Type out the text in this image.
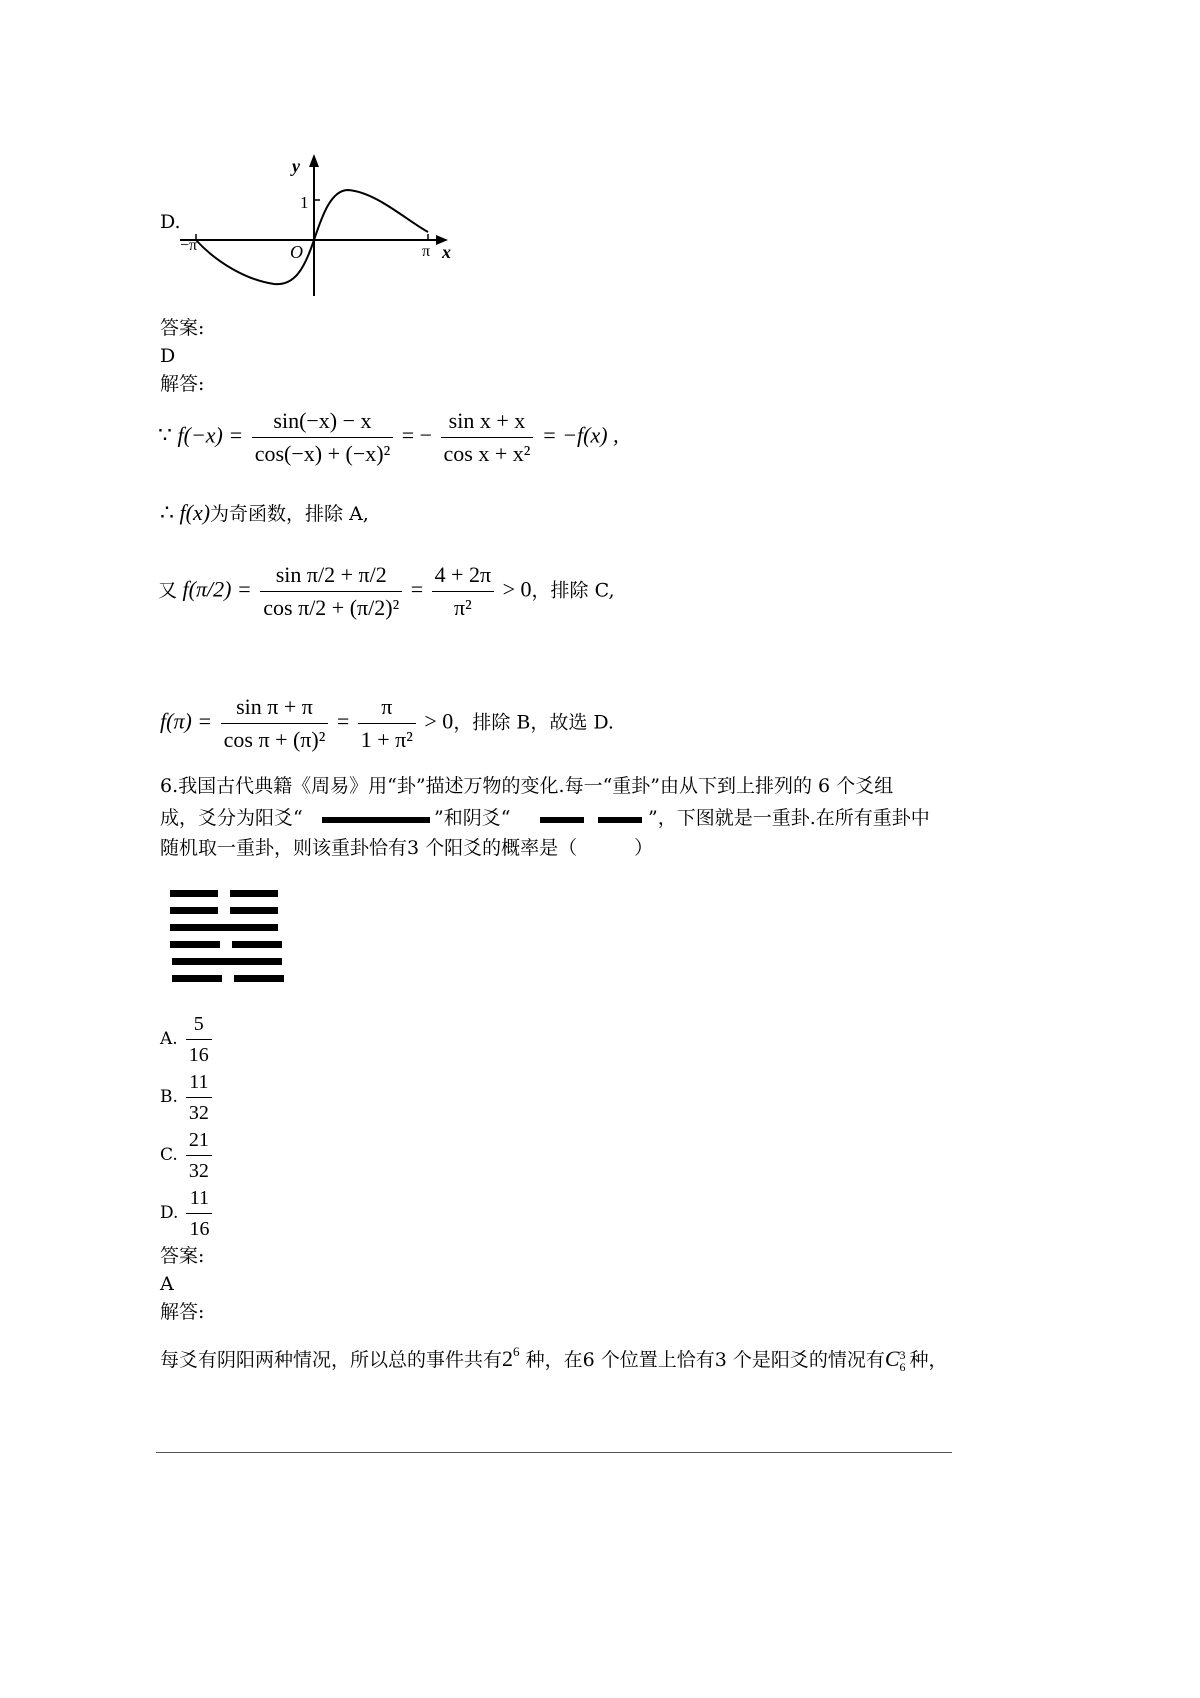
D.
y
x
O
1
−π	π
答案:
D
解答:
∵ $f(-x) = \frac{\sin(-x) - x}{\text{cos(−x) + (−x)²}}$ = − $\frac{\text{sin x + x}}{\text{cos x + x²}} = -f(x)$ ,
∴ f(x)为奇函数，排除 A,
又 $f(\pi/2) = \frac{\text{sin π/2 + π/2}}{\text{cos π/2 + (π/2)²}} = \frac{4 + 2\pi}{\text{π²}} > 0$，排除 C,
$f(\pi) = \frac{\text{sin π + π}}{\text{cos π + (π)²}} = \frac{\pi}{\text{1 + π²}} > 0$，排除 B，故选 D.
6.我国古代典籍《周易》用“卦”描述万物的变化.每一“重卦”由从下到上排列的 6 个爻组
成，爻分为阳爻“	”和阴爻“	”，下图就是一重卦.在所有重卦中
随机取一重卦，则该重卦恰有3 个阳爻的概率是（　　　）
A. $\frac{5}{16}$
B. $\frac{11}{32}$
C. $\frac{21}{32}$
D. $\frac{11}{16}$
答案:
A
解答:
每爻有阴阳两种情况，所以总的事件共有$2^6$ 种，在6 个位置上恰有3 个是阳爻的情况有C 3
6 种，
